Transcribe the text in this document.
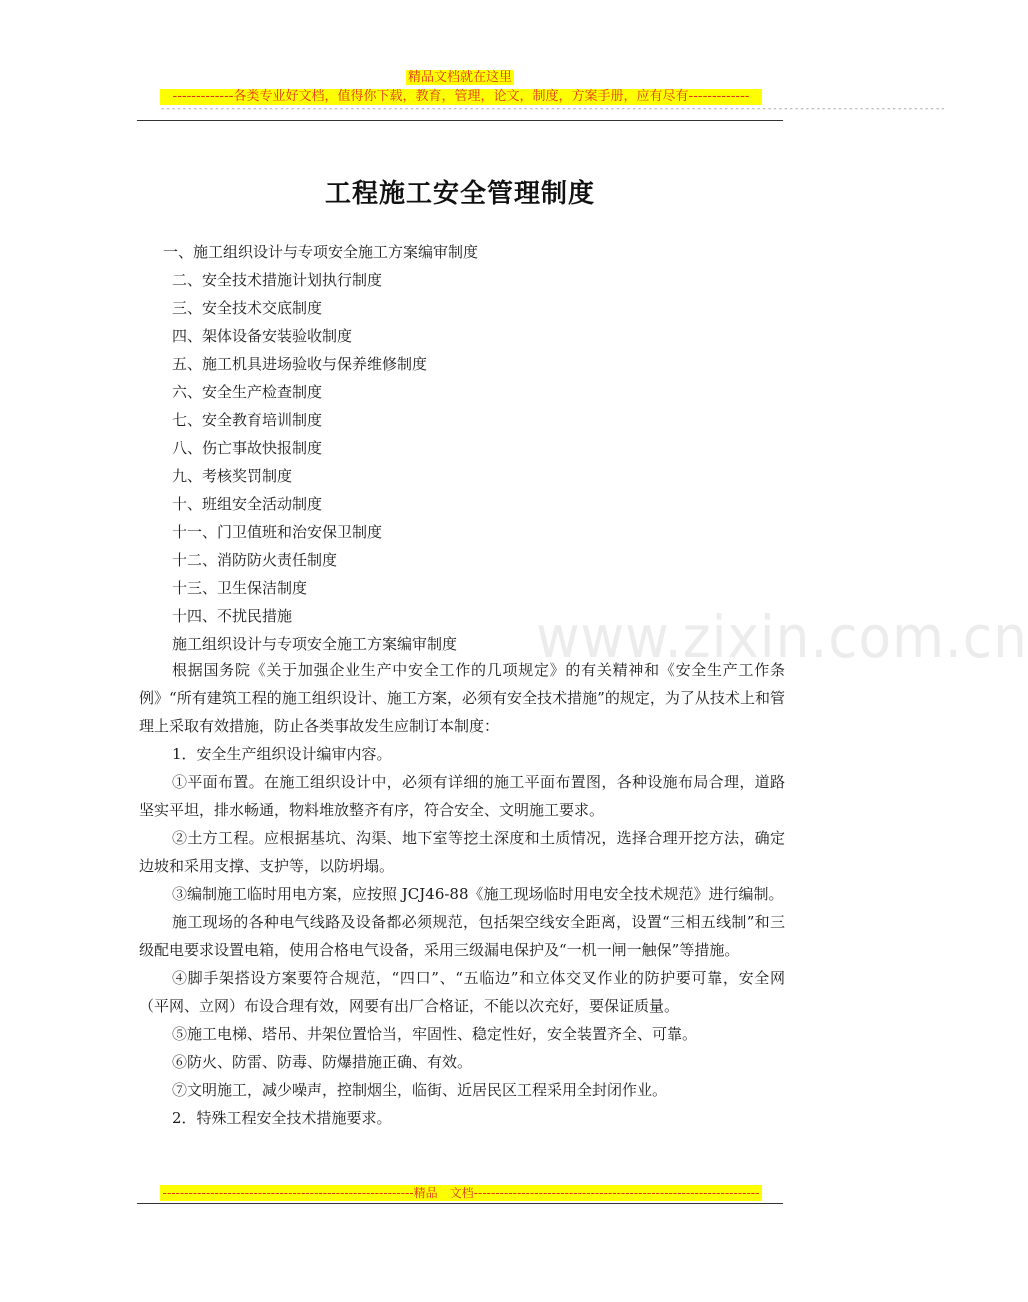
精品文档就在这里
-------------各类专业好文档，值得你下载，教育，管理，论文，制度，方案手册，应有尽有-------------
-------------------------------------------------------------------------------------------------------------------------------------------------
www.zixin.com.cn
工程施工安全管理制度
一、施工组织设计与专项安全施工方案编审制度
二、安全技术措施计划执行制度
三、安全技术交底制度
四、架体设备安装验收制度
五、施工机具进场验收与保养维修制度
六、安全生产检查制度
七、安全教育培训制度
八、伤亡事故快报制度
九、考核奖罚制度
十、班组安全活动制度
十一、门卫值班和治安保卫制度
十二、消防防火责任制度
十三、卫生保洁制度
十四、不扰民措施
施工组织设计与专项安全施工方案编审制度

根据国务院《关于加强企业生产中安全工作的几项规定》的有关精神和《安全生产工作条例》“所有建筑工程的施工组织设计、施工方案，必须有安全技术措施”的规定，为了从技术上和管理上采取有效措施，防止各类事故发生应制订本制度：

1．安全生产组织设计编审内容。

①平面布置。在施工组织设计中，必须有详细的施工平面布置图，各种设施布局合理，道路坚实平坦，排水畅通，物料堆放整齐有序，符合安全、文明施工要求。

②土方工程。应根据基坑、沟渠、地下室等挖土深度和土质情况，选择合理开挖方法，确定边坡和采用支撑、支护等，以防坍塌。

③编制施工临时用电方案，应按照 JCJ46-88《施工现场临时用电安全技术规范》进行编制。

施工现场的各种电气线路及设备都必须规范，包括架空线安全距离，设置“三相五线制”和三级配电要求设置电箱，使用合格电气设备，采用三级漏电保护及“一机一闸一触保”等措施。

④脚手架搭设方案要符合规范，“四口”、“五临边”和立体交叉作业的防护要可靠，安全网（平网、立网）布设合理有效，网要有出厂合格证，不能以次充好，要保证质量。

⑤施工电梯、塔吊、井架位置恰当，牢固性、稳定性好，安全装置齐全、可靠。

⑥防火、防雷、防毒、防爆措施正确、有效。

⑦文明施工，减少噪声，控制烟尘，临街、近居民区工程采用全封闭作业。

2．特殊工程安全技术措施要求。

----------------------------------------------------------精品　文档------------------------------------------------------------------
